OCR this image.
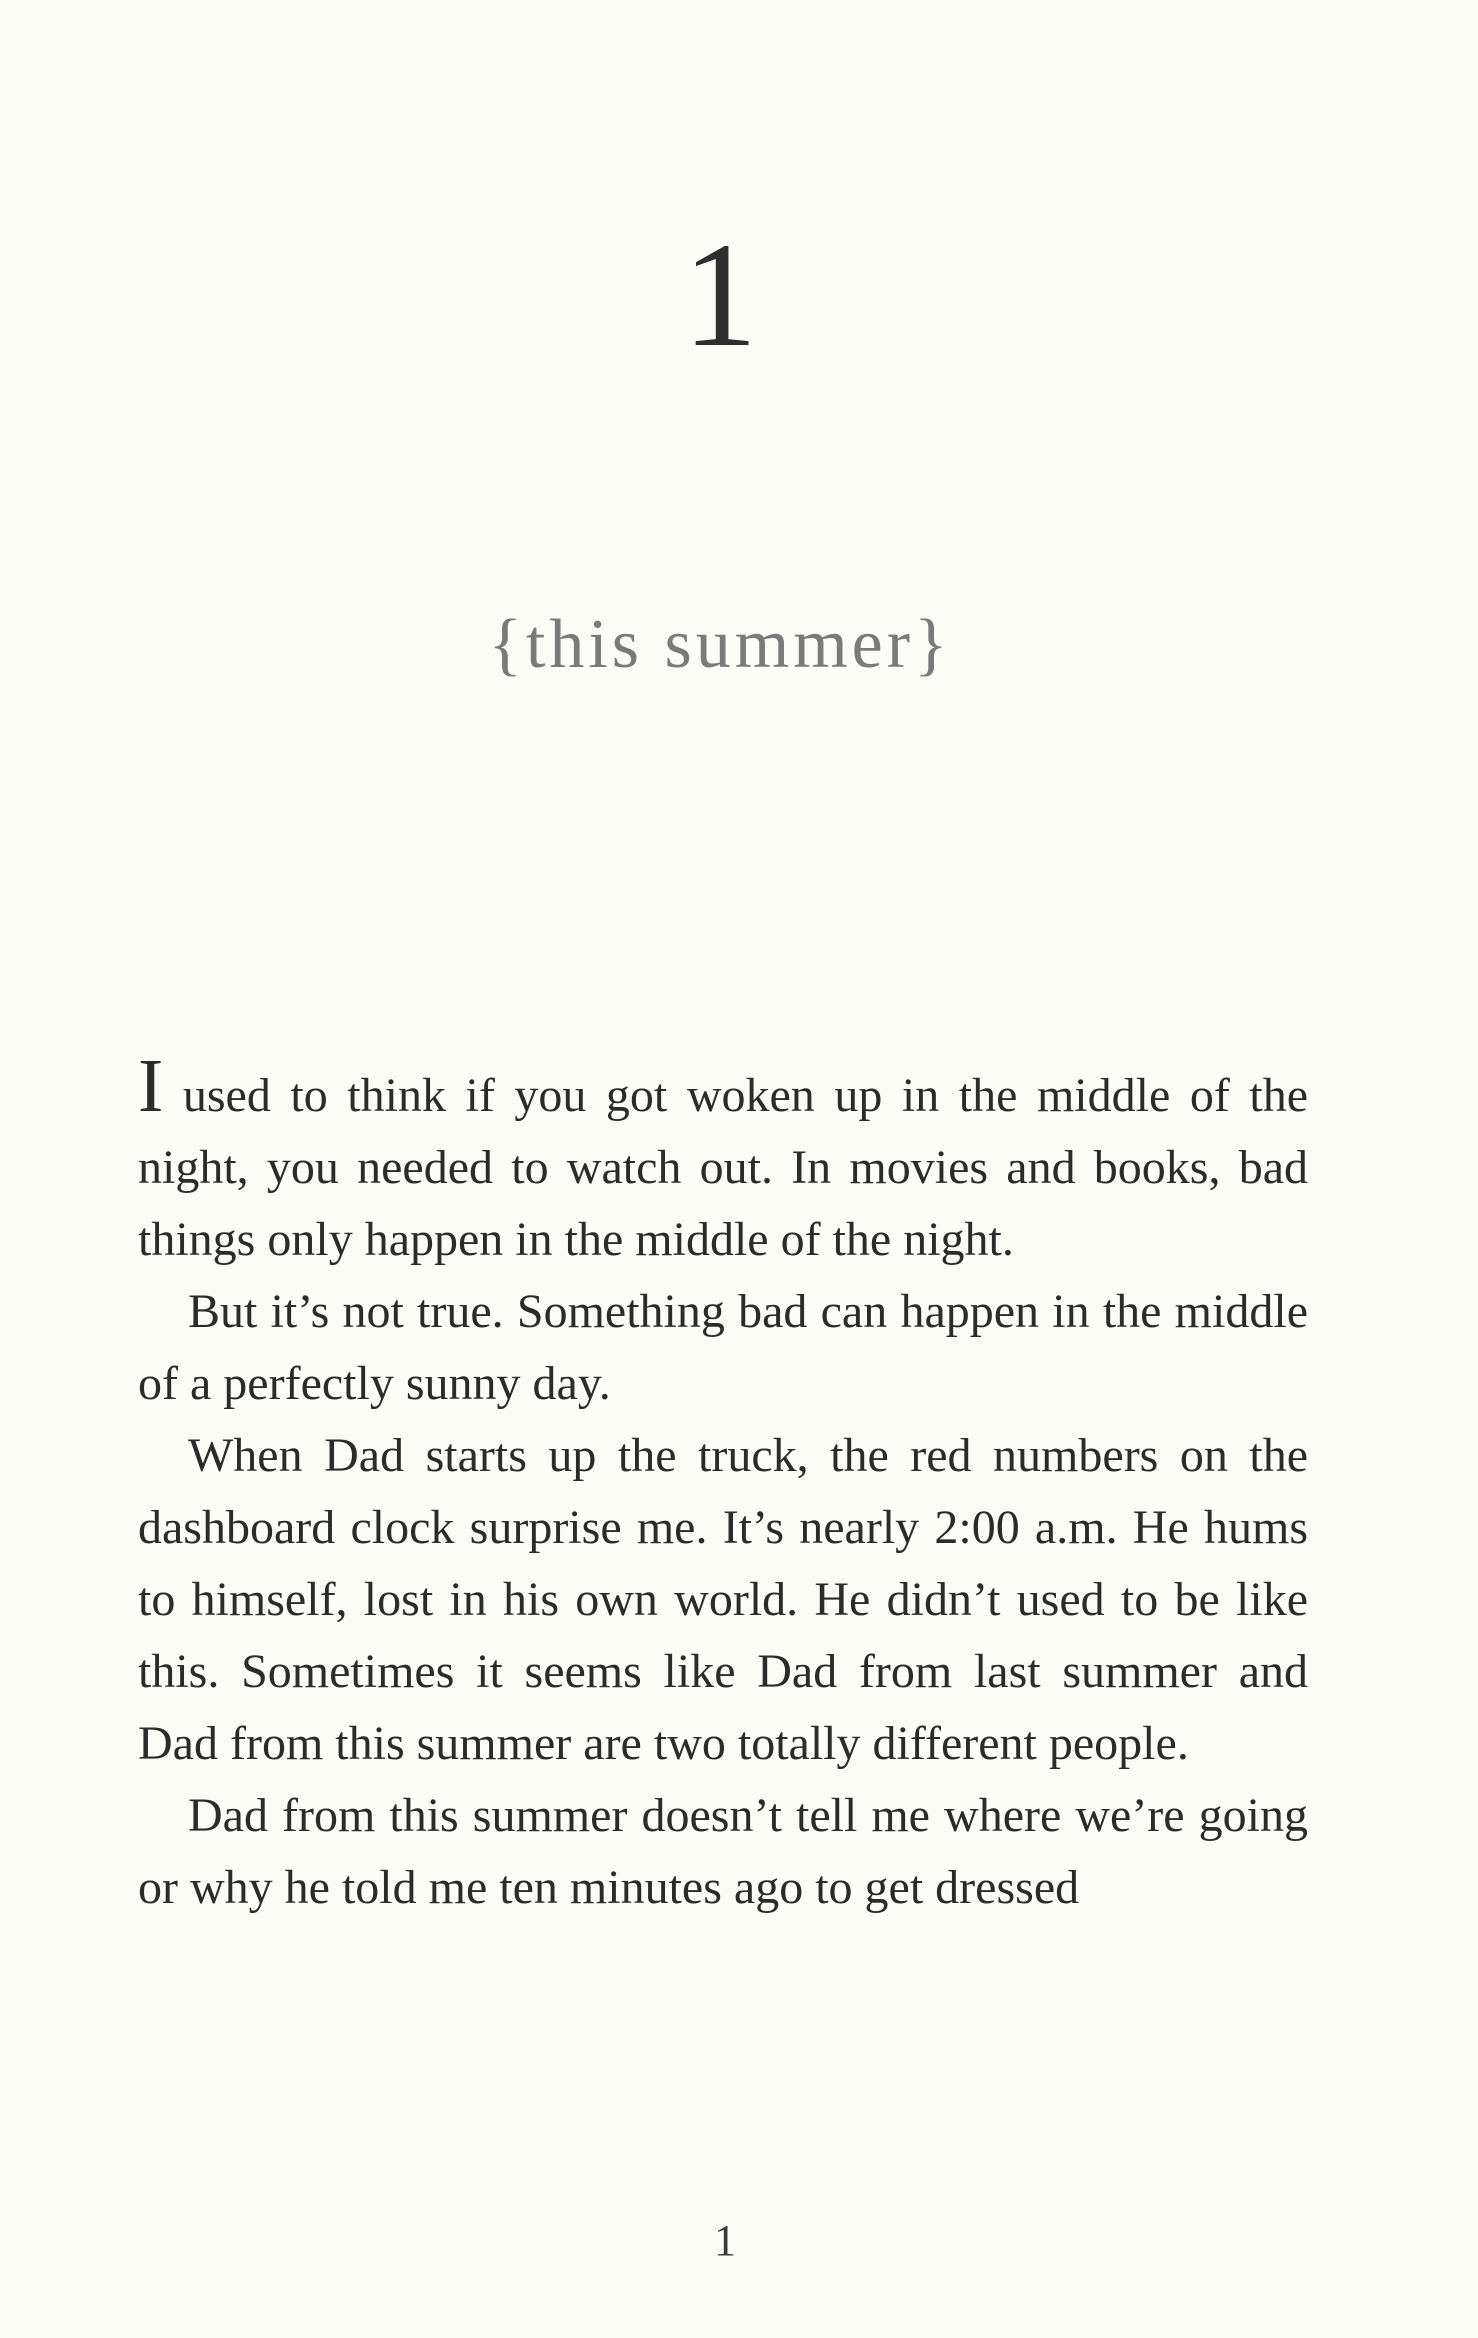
1
{this summer}

I used to think if you got woken up in the middle of the night, you needed to watch out. In movies and books, bad things only happen in the middle of the night.

But it’s not true. Something bad can happen in the middle of a perfectly sunny day.

When Dad starts up the truck, the red numbers on the dashboard clock surprise me. It’s nearly 2:00 a.m. He hums to himself, lost in his own world. He didn’t used to be like this. Sometimes it seems like Dad from last summer and Dad from this summer are two totally different people.

Dad from this summer doesn’t tell me where we’re going or why he told me ten minutes ago to get dressed

1
